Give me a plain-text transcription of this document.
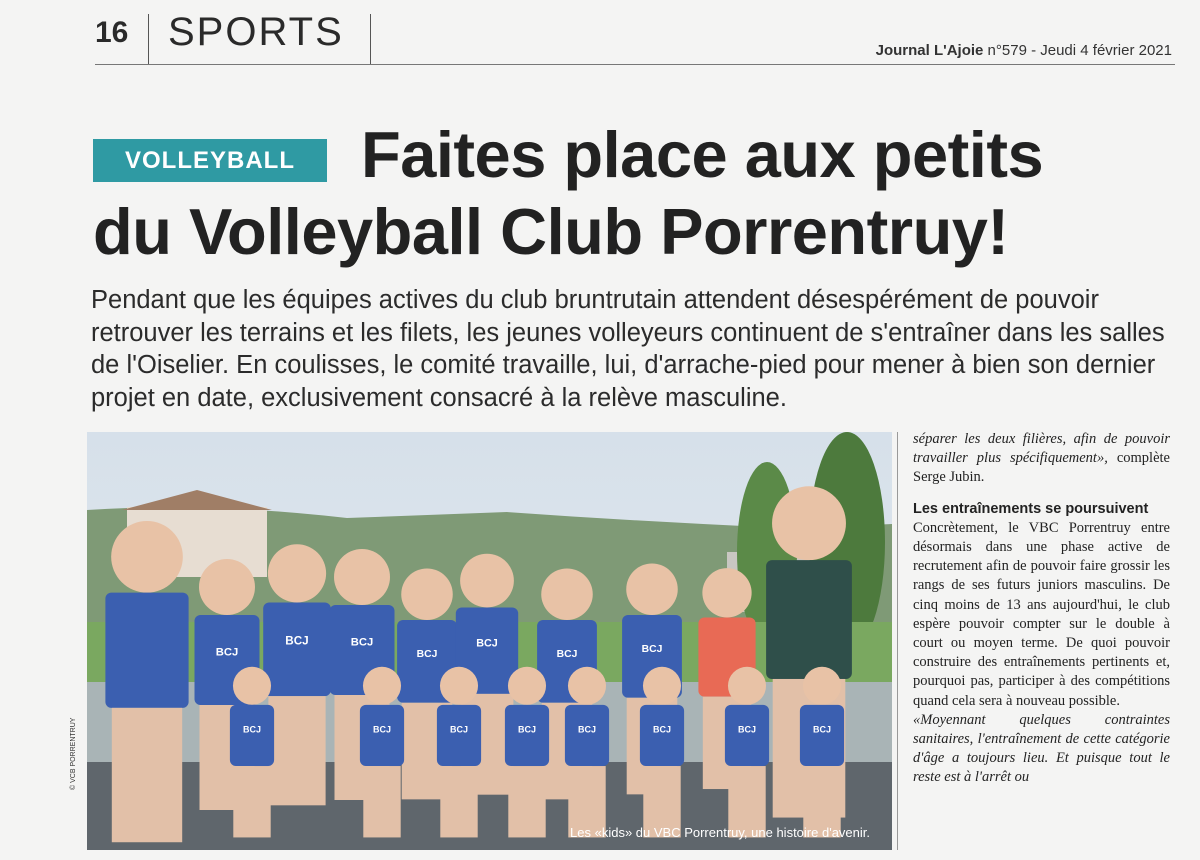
16 SPORTS	Journal L'Ajoie n°579 - Jeudi 4 février 2021
Faites place aux petits
du Volleyball Club Porrentruy!
VOLLEYBALL

Pendant que les équipes actives du club bruntrutain attendent désespérément de pouvoir retrouver les terrains et les filets, les jeunes volleyeurs continuent de s'entraîner dans les salles de l'Oiselier. En coulisses, le comité travaille, lui, d'arrache-pied pour mener à bien son dernier projet en date, exclusivement consacré à la relève masculine.

BCJ
BCJ	BCJ
BCJ
BCJ
BCJ	BCJ
BCJ	BCJ	BCJ	BCJ	BCJ	BCJ	BCJ	BCJ
Les «kids» du VBC Porrentruy, une histoire d'avenir.
© VCB PORRENTRUY

séparer les deux filières, afin de pouvoir travailler plus spécifiquement», complète Serge Jubin.

Les entraînements se poursuivent

Concrètement, le VBC Porrentruy entre désormais dans une phase active de recrutement afin de pouvoir faire grossir les rangs de ses futurs juniors masculins. De cinq moins de 13 ans aujourd'hui, le club espère pouvoir compter sur le double à court ou moyen terme. De quoi pouvoir construire des entraînements pertinents et, pourquoi pas, participer à des compétitions quand cela sera à nouveau possible.

«Moyennant quelques contraintes sanitaires, l'entraînement de cette catégorie d'âge a toujours lieu. Et puisque tout le reste est à l'arrêt ou
